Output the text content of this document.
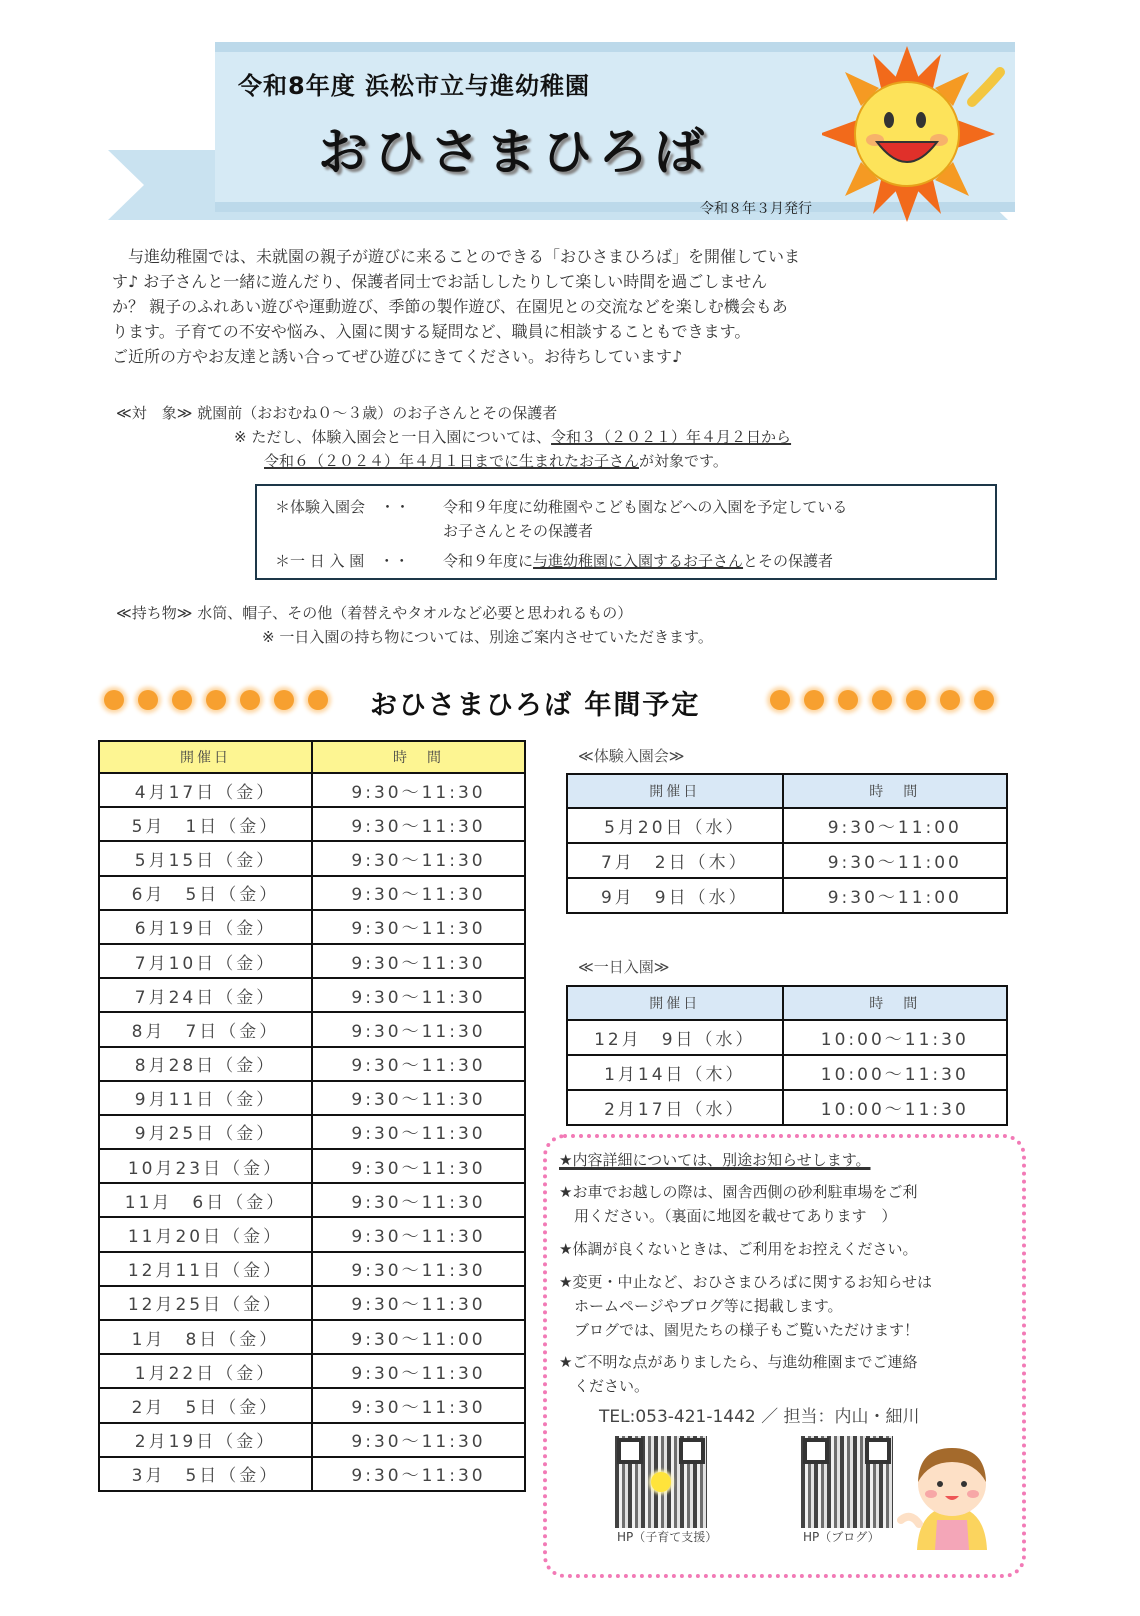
令和8年度 浜松市立与進幼稚園
おひさまひろば
令和８年３月発行
　与進幼稚園では、未就園の親子が遊びに来ることのできる「おひさまひろば」を開催していま
す♪ お子さんと一緒に遊んだり、保護者同士でお話ししたりして楽しい時間を過ごしません
か？ 親子のふれあい遊びや運動遊び、季節の製作遊び、在園児との交流などを楽しむ機会もあ
ります。子育ての不安や悩み、入園に関する疑問など、職員に相談することもできます。
ご近所の方やお友達と誘い合ってぜひ遊びにきてください。お待ちしています♪
≪対　象≫ 就園前（おおむね０～３歳）のお子さんとその保護者
※ ただし、体験入園会と一日入園については、令和３（２０２１）年４月２日から
令和６（２０２４）年４月１日までに生まれたお子さんが対象です。
＊体験入園会　・・ 令和９年度に幼稚園やこども園などへの入園を予定している
お子さんとその保護者
＊一 日 入 園　・・ 令和９年度に与進幼稚園に入園するお子さんとその保護者
≪持ち物≫ 水筒、帽子、その他（着替えやタオルなど必要と思われるもの）
※ 一日入園の持ち物については、別途ご案内させていただきます。
おひさまひろば 年間予定
開催日	時　間
4月17日（金）	9:30～11:30
5月　1日（金）	9:30～11:30
5月15日（金）	9:30～11:30
6月　5日（金）	9:30～11:30
6月19日（金）	9:30～11:30
7月10日（金）	9:30～11:30
7月24日（金）	9:30～11:30
8月　7日（金）	9:30～11:30
8月28日（金）	9:30～11:30
9月11日（金）	9:30～11:30
9月25日（金）	9:30～11:30
10月23日（金）	9:30～11:30
11月　6日（金）	9:30～11:30
11月20日（金）	9:30～11:30
12月11日（金）	9:30～11:30
12月25日（金）	9:30～11:30
1月　8日（金）	9:30～11:00
1月22日（金）	9:30～11:30
2月　5日（金）	9:30～11:30
2月19日（金）	9:30～11:30
3月　5日（金）	9:30～11:30
≪体験入園会≫
開催日	時　間
5月20日（水）	9:30～11:00
7月　2日（木）	9:30～11:00
9月　9日（水）	9:30～11:00
≪一日入園≫
開催日	時　間
12月　9日（水）	10:00～11:30
1月14日（木）	10:00～11:30
2月17日（水）	10:00～11:30
★内容詳細については、別途お知らせします。
★お車でお越しの際は、園舎西側の砂利駐車場をご利
　用ください。（裏面に地図を載せてあります　）
★体調が良くないときは、ご利用をお控えください。
★変更・中止など、おひさまひろばに関するお知らせは
　ホームページやブログ等に掲載します。
　ブログでは、園児たちの様子もご覧いただけます！
★ご不明な点がありましたら、与進幼稚園までご連絡
　ください。
TEL:053-421-1442 ／ 担当：内山・細川
HP（子育て支援）	HP（ブログ）
